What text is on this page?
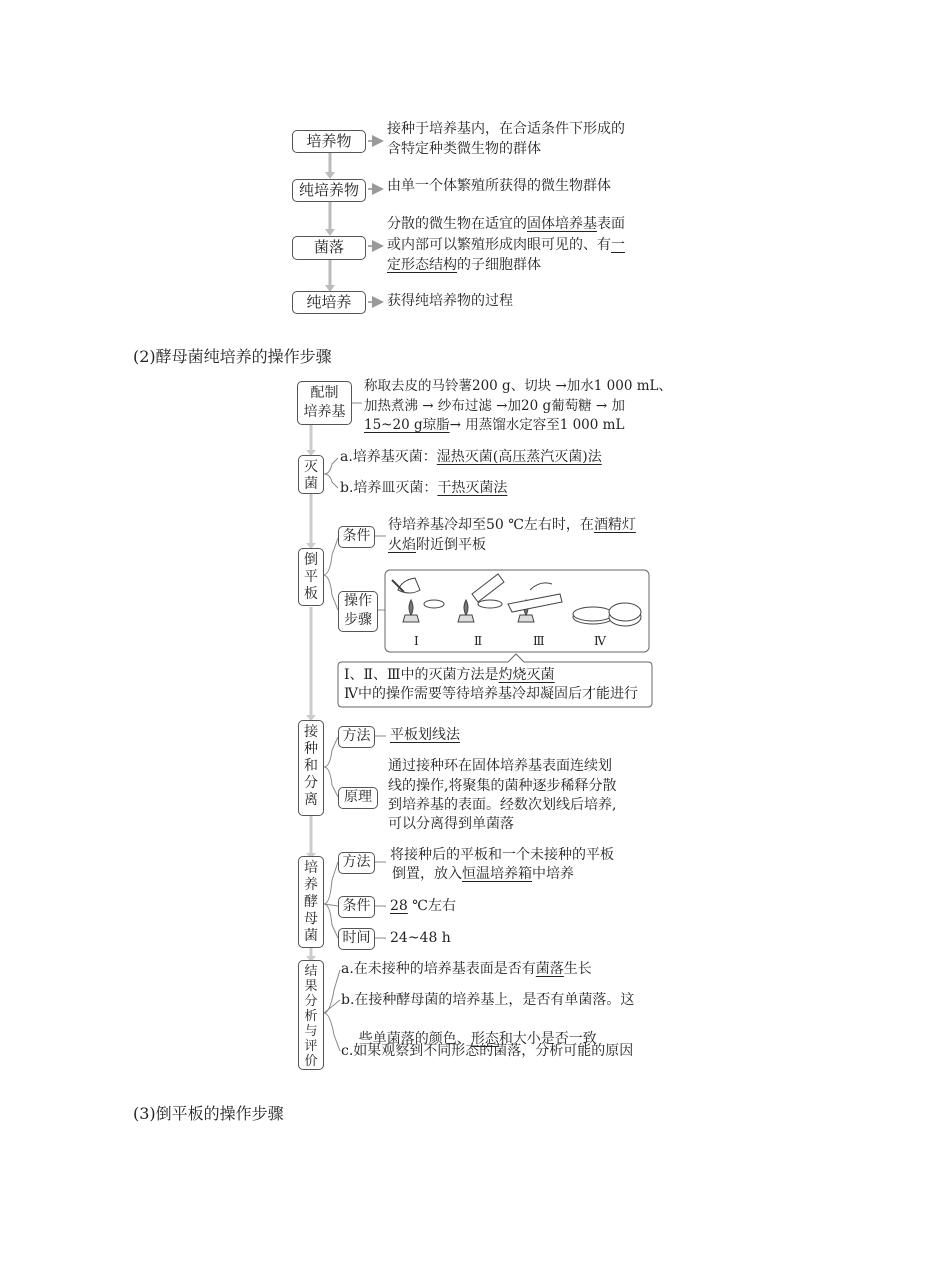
培养物
接种于培养基内，在合适条件下形成的
含特定种类微生物的群体
纯培养物	由单一个体繁殖所获得的微生物群体
菌落
分散的微生物在适宜的固体培养基表面
或内部可以繁殖形成肉眼可见的、有一
定形态结构的子细胞群体
纯培养	获得纯培养物的过程
(2)酵母菌纯培养的操作步骤
配制
培养基
称取去皮的马铃薯200 g、切块 →加水1 000 mL、
加热煮沸 → 纱布过滤 →加20 g葡萄糖 → 加
15~20 g琼脂→ 用蒸馏水定容至1 000 mL
灭
菌
a.培养基灭菌：湿热灭菌(高压蒸汽灭菌)法
b.培养皿灭菌：干热灭菌法
倒
平
板
条件
待培养基冷却至50 ℃左右时，在酒精灯
火焰附近倒平板
操作
步骤
Ⅰ	Ⅱ	Ⅲ	Ⅳ
Ⅰ、Ⅱ、Ⅲ中的灭菌方法是灼烧灭菌
Ⅳ中的操作需要等待培养基冷却凝固后才能进行
接
种
和
分
离
方法	平板划线法
原理
通过接种环在固体培养基表面连续划
线的操作,将聚集的菌种逐步稀释分散
到培养基的表面。经数次划线后培养,
可以分离得到单菌落
培
养
酵
母
菌
方法	将接种后的平板和一个未接种的平板
倒置，放入恒温培养箱中培养
条件	28 ℃左右
时间	24~48 h
结
果
分
析
与
评
价
a.在未接种的培养基表面是否有菌落生长
b.在接种酵母菌的培养基上，是否有单菌落。这

些单菌落的颜色、形态和大小是否一致

c.如果观察到不同形态的菌落，分析可能的原因
(3)倒平板的操作步骤
